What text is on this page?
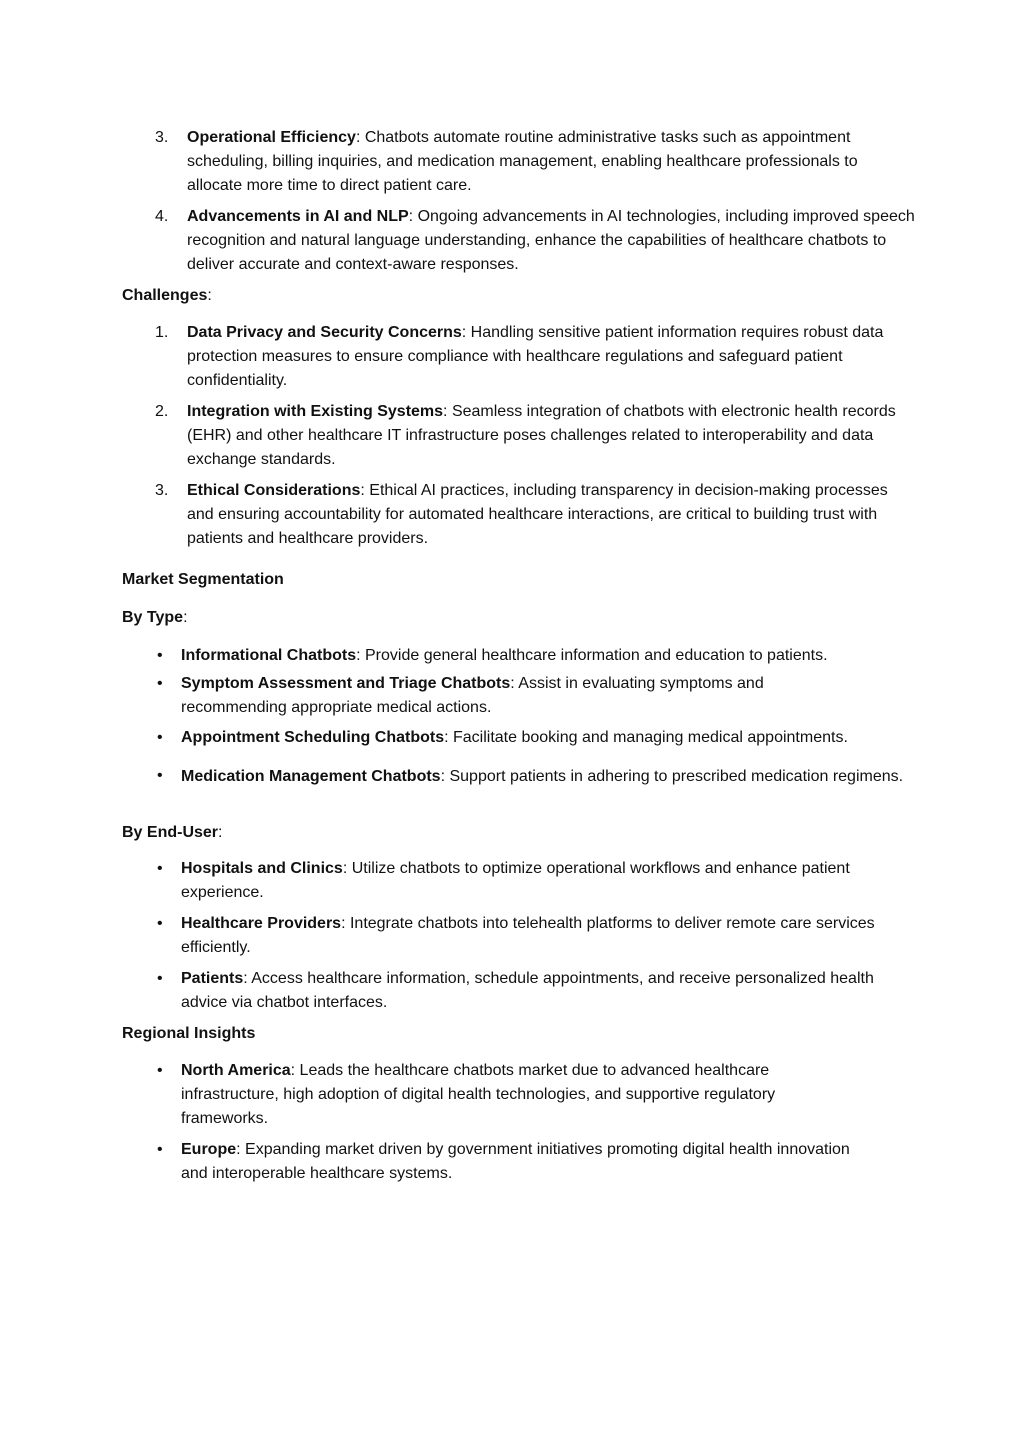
3.	Operational Efficiency: Chatbots automate routine administrative tasks such as appointment scheduling, billing inquiries, and medication management, enabling healthcare professionals to allocate more time to direct patient care.
4.	Advancements in AI and NLP: Ongoing advancements in AI technologies, including improved speech recognition and natural language understanding, enhance the capabilities of healthcare chatbots to deliver accurate and context-aware responses.
Challenges:
1.	Data Privacy and Security Concerns: Handling sensitive patient information requires robust data protection measures to ensure compliance with healthcare regulations and safeguard patient confidentiality.
2.	Integration with Existing Systems: Seamless integration of chatbots with electronic health records (EHR) and other healthcare IT infrastructure poses challenges related to interoperability and data exchange standards.
3.	Ethical Considerations: Ethical AI practices, including transparency in decision-making processes and ensuring accountability for automated healthcare interactions, are critical to building trust with patients and healthcare providers.
Market Segmentation
By Type:
•	Informational Chatbots: Provide general healthcare information and education to patients.
•	Symptom Assessment and Triage Chatbots: Assist in evaluating symptoms and recommending appropriate medical actions.
•	Appointment Scheduling Chatbots: Facilitate booking and managing medical appointments.
•	Medication Management Chatbots: Support patients in adhering to prescribed medication regimens.
By End-User:
•	Hospitals and Clinics: Utilize chatbots to optimize operational workflows and enhance patient experience.
•	Healthcare Providers: Integrate chatbots into telehealth platforms to deliver remote care services efficiently.
•	Patients: Access healthcare information, schedule appointments, and receive personalized health advice via chatbot interfaces.
Regional Insights
•	North America: Leads the healthcare chatbots market due to advanced healthcare infrastructure, high adoption of digital health technologies, and supportive regulatory frameworks.
•	Europe: Expanding market driven by government initiatives promoting digital health innovation and interoperable healthcare systems.
